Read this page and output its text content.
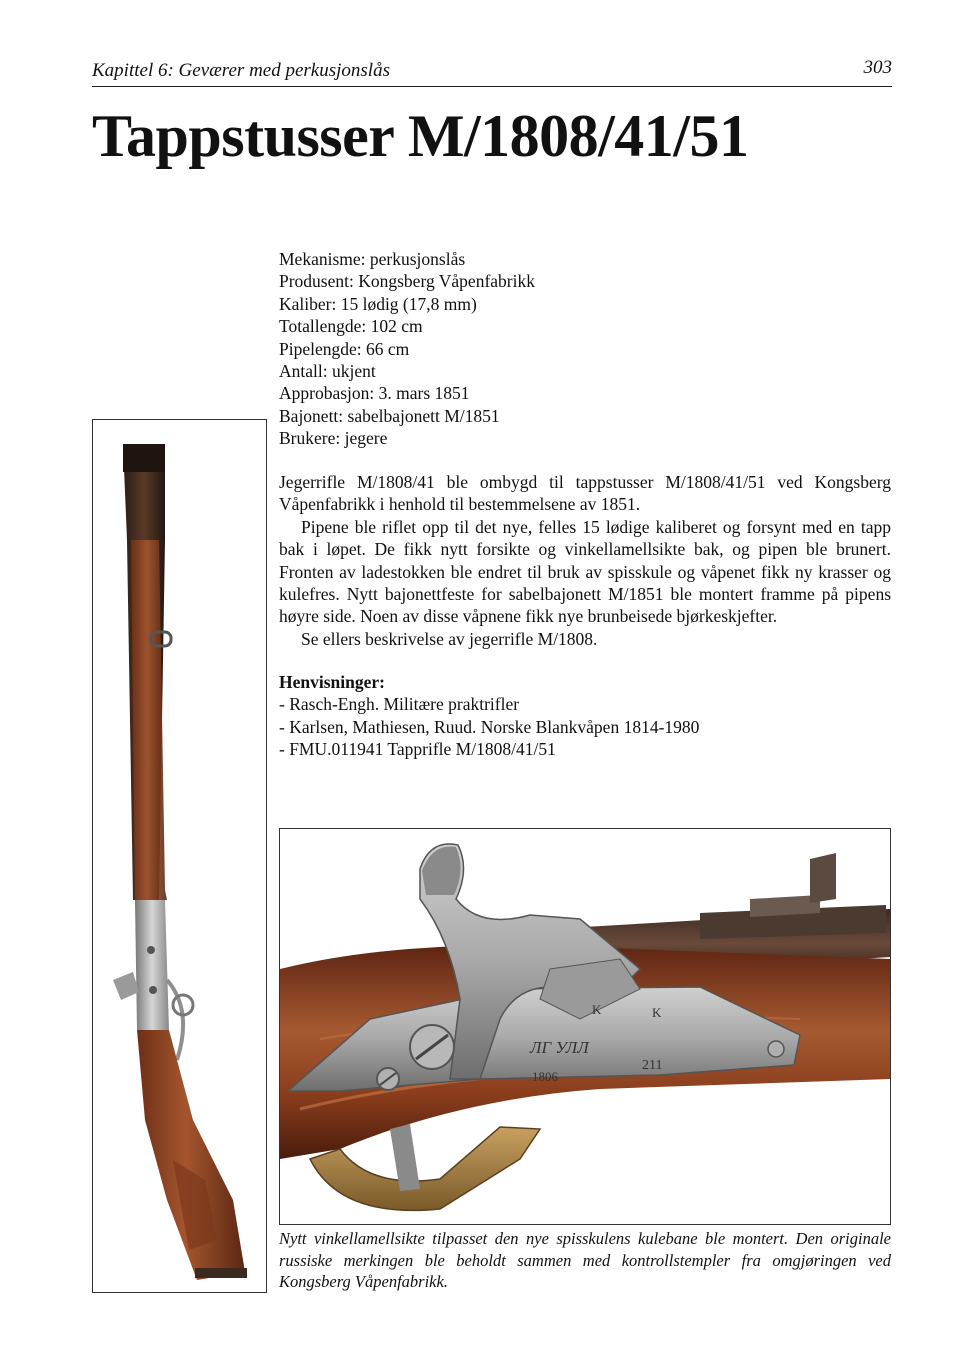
Kapittel 6: Geværer med perkusjonslås	303
Tappstusser M/1808/41/51
Mekanisme: perkusjonslås
Produsent: Kongsberg Våpenfabrikk
Kaliber: 15 lødig (17,8 mm)
Totallengde: 102 cm
Pipelengde: 66 cm
Antall: ukjent
Approbasjon: 3. mars 1851
Bajonett: sabelbajonett M/1851
Brukere: jegere

Jegerrifle M/1808/41 ble ombygd til tappstusser M/1808/41/51 ved Kongsberg Våpenfabrikk i henhold til bestemmelsene av 1851.

Pipene ble riflet opp til det nye, felles 15 lødige kaliberet og forsynt med en tapp bak i løpet. De fikk nytt forsikte og vinkellamellsikte bak, og pipen ble brunert. Fronten av ladestokken ble endret til bruk av spisskule og våpenet fikk ny krasser og kulefres. Nytt bajonettfeste for sabelbajonett M/1851 ble montert framme på pipens høyre side. Noen av disse våpnene fikk nye brunbeisede bjørkeskjefter.

Se ellers beskrivelse av jegerrifle M/1808.

Henvisninger:
- Rasch-Engh. Militære praktrifler
- Karlsen, Mathiesen, Ruud. Norske Blankvåpen 1814-1980
- FMU.011941 Tapprifle M/1808/41/51
K	K
ЛГ УЛЛ
211
1806
Nytt vinkellamellsikte tilpasset den nye spisskulens kulebane ble montert. Den originale russiske merkingen ble beholdt sammen med kontrollstempler fra omgjøringen ved Kongsberg Våpenfabrikk.
